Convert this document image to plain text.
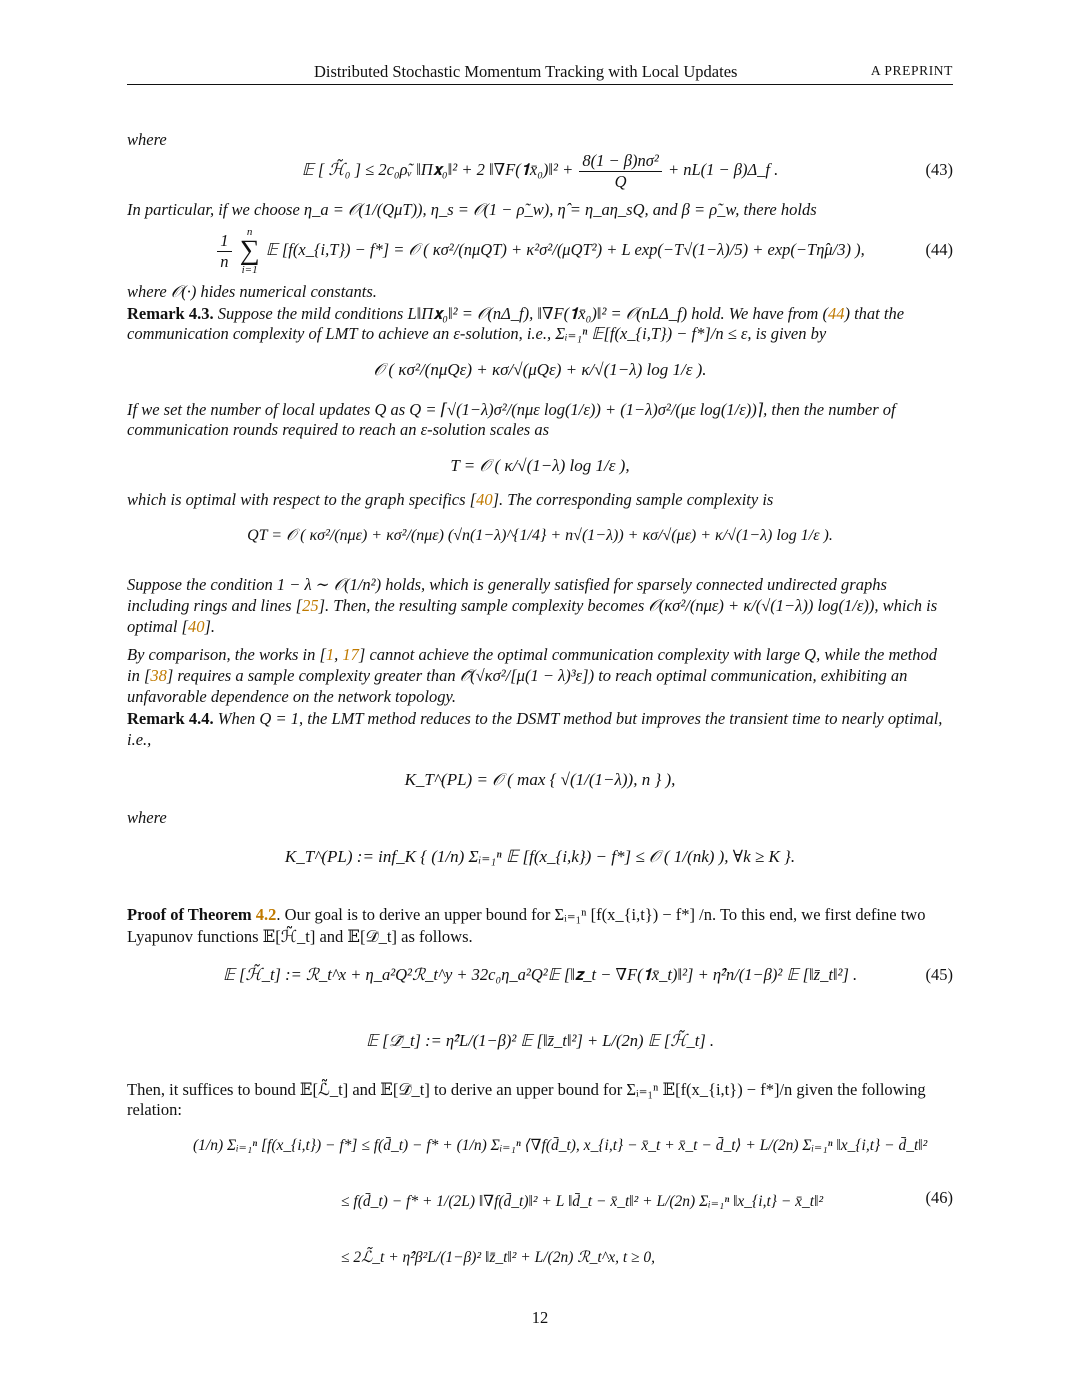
Distributed Stochastic Momentum Tracking with Local Updates	A PREPRINT

where

𝔼 [ ℋ̃₀ ] ≤ 2c₀ρ̃ᵥ ‖Π𝐱₀‖² + 2 ‖∇F(𝟏x̄₀)‖² + $\frac{\text{8(1 − β)nσ²}}{Q} + nL(1$ − β)Δ_f .	(43)

In particular, if we choose η_a = 𝒪(1/(QμT)), η_s = 𝒪(1 − ρ̃_w), η̂ = η_aη_sQ, and β = ρ̃_w, there holds

$\frac{1}{n}$
	n
∑
i=1
𝔼 [f(x_{i,T}) − f*] = 𝒪 ( κσ²/(nμQT) + κ²σ²/(μQT²) + L exp(−T√(1−λ)/5) + exp(−Tη̂μ/3) ),	(44)

where 𝒪(·) hides numerical constants.

Remark 4.3. Suppose the mild conditions L‖Π𝐱₀‖² = 𝒪(nΔ_f), ‖∇F(𝟏x̄₀)‖² = 𝒪(nLΔ_f) hold. We have from (44) that the communication complexity of LMT to achieve an ε-solution, i.e., Σᵢ₌₁ⁿ 𝔼[f(x_{i,T}) − f*]/n ≤ ε, is given by

𝒪 ( κσ²/(nμQε) + κσ/√(μQε) + κ/√(1−λ) log 1/ε ).

If we set the number of local updates Q as Q = ⌈√(1−λ)σ²/(nμε log(1/ε)) + (1−λ)σ²/(με log(1/ε))⌉, then the number of communication rounds required to reach an ε-solution scales as

T = 𝒪 ( κ/√(1−λ) log 1/ε ),

which is optimal with respect to the graph specifics [40]. The corresponding sample complexity is

QT = 𝒪 ( κσ²/(nμε) + κσ²/(nμε) (√n(1−λ)^{1/4} + n√(1−λ)) + κσ/√(με) + κ/√(1−λ) log 1/ε ).

Suppose the condition 1 − λ ∼ 𝒪(1/n²) holds, which is generally satisfied for sparsely connected undirected graphs including rings and lines [25]. Then, the resulting sample complexity becomes 𝒪(κσ²/(nμε) + κ/(√(1−λ)) log(1/ε)), which is optimal [40].

By comparison, the works in [1, 17] cannot achieve the optimal communication complexity with large Q, while the method in [38] requires a sample complexity greater than 𝒪̃(√κσ²/[μ(1 − λ)³ε]) to reach optimal communication, exhibiting an unfavorable dependence on the network topology.

Remark 4.4. When Q = 1, the LMT method reduces to the DSMT method but improves the transient time to nearly optimal, i.e.,

K_T^(PL) = 𝒪 ( max { √(1/(1−λ)), n } ),

where

K_T^(PL) := inf_K { (1/n) Σᵢ₌₁ⁿ 𝔼 [f(x_{i,k}) − f*] ≤ 𝒪 ( 1/(nk) ), ∀k ≥ K }.

Proof of Theorem 4.2. Our goal is to derive an upper bound for Σᵢ₌₁ⁿ [f(x_{i,t}) − f*] /n. To this end, we first define two Lyapunov functions 𝔼[ℋ̃_t] and 𝔼[𝒟̃_t] as follows.

𝔼 [ℋ̃_t] := ℛ_t^x + η_a²Q²ℛ_t^y + 32c₀η_a²Q²𝔼 [‖𝐳_t − ∇F(𝟏x̄_t)‖²] + η̂²n/(1−β)² 𝔼 [‖z̄_t‖²] .	(45)
𝔼 [𝒟̃_t] := η̂²L/(1−β)² 𝔼 [‖z̄_t‖²] + L/(2n) 𝔼 [ℋ̃_t] .

Then, it suffices to bound 𝔼[ℒ̃_t] and 𝔼[𝒟̃_t] to derive an upper bound for Σᵢ₌₁ⁿ 𝔼[f(x_{i,t}) − f*]/n given the following relation:

(1/n) Σᵢ₌₁ⁿ [f(x_{i,t}) − f*] ≤ f(d̄_t) − f* + (1/n) Σᵢ₌₁ⁿ ⟨∇f(d̄_t), x_{i,t} − x̄_t + x̄_t − d̄_t⟩ + L/(2n) Σᵢ₌₁ⁿ ‖x_{i,t} − d̄_t‖²
≤ f(d̄_t) − f* + 1/(2L) ‖∇f(d̄_t)‖² + L ‖d̄_t − x̄_t‖² + L/(2n) Σᵢ₌₁ⁿ ‖x_{i,t} − x̄_t‖²
≤ 2ℒ̃_t + η̂²β²L/(1−β)² ‖z̄_t‖² + L/(2n) ℛ_t^x, t ≥ 0,
(46)
12
